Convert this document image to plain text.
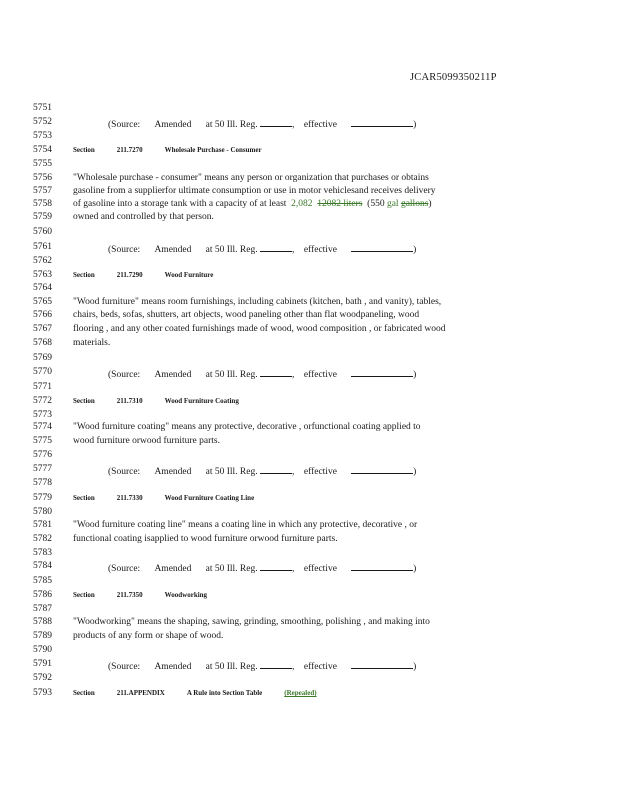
JCAR5099350211P
5751
5752
5753
5754
5755
5756
5757
5758
5759
5760
5761
5762
5763
5764
5765
5766
5767
5768
5769
5770
5771
5772
5773
5774
5775
5776
5777
5778
5779
5780
5781
5782
5783
5784
5785
5786
5787
5788
5789
5790
5791
5792
5793
(Source: Amended at 50 Ill. Reg.	,    effective	)
Section	211.7270	Wholesale Purchase - Consumer
"Wholesale purchase - consumer" means any person or organization that purchases or obtains
gasoline from a supplierfor ultimate consumption or use in motor vehiclesand receives delivery
of gasoline into a storage tank with a capacity of at least 2,082 12082 liters (550 gal gallons)
owned and controlled by that person.
(Source: Amended at 50 Ill. Reg.	,    effective	)
Section	211.7290	Wood Furniture
"Wood furniture" means room furnishings, including cabinets (kitchen, bath , and vanity), tables,
chairs, beds, sofas, shutters, art objects, wood paneling other than flat woodpaneling, wood
flooring , and any other coated furnishings made of wood, wood composition , or fabricated wood
materials.
(Source: Amended at 50 Ill. Reg.	,    effective	)
Section	211.7310	Wood Furniture Coating
"Wood furniture coating" means any protective, decorative , orfunctional coating applied to
wood furniture orwood furniture parts.
(Source: Amended at 50 Ill. Reg.	,    effective	)
Section	211.7330	Wood Furniture Coating Line
"Wood furniture coating line" means a coating line in which any protective, decorative , or
functional coating isapplied to wood furniture orwood furniture parts.
(Source: Amended at 50 Ill. Reg.	,    effective	)
Section	211.7350	Woodworking
"Woodworking" means the shaping, sawing, grinding, smoothing, polishing , and making into
products of any form or shape of wood.
(Source: Amended at 50 Ill. Reg.	,    effective	)
Section	211.APPENDIX	A Rule into Section Table	(Repealed)
